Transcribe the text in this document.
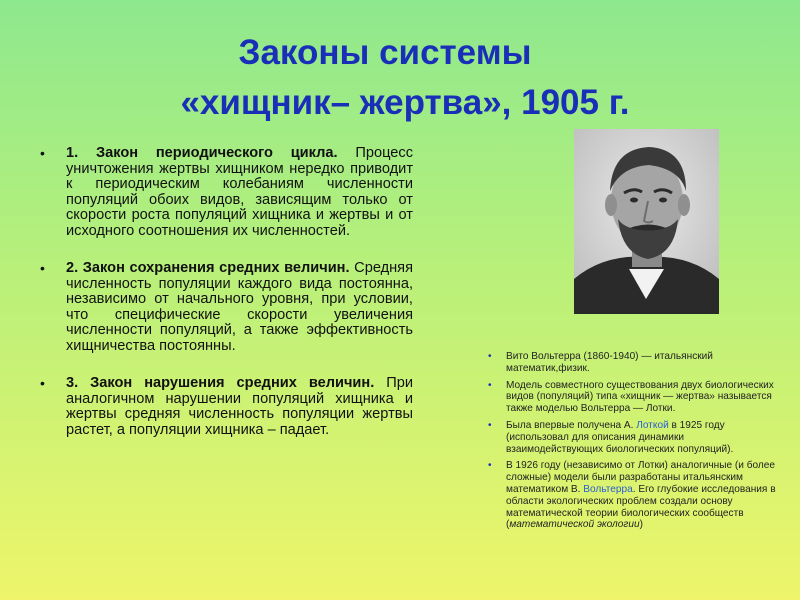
Законы системы
«хищник– жертва», 1905 г.
• 1. Закон периодического цикла. Процесс уничтожения жертвы хищником нередко приводит к периодическим колебаниям численности популяций обоих видов, зависящим только от скорости роста популяций хищника и жертвы и от исходного соотношения их численностей.
• 2. Закон сохранения средних величин. Средняя численность популяции каждого вида постоянна, независимо от начального уровня, при условии, что специфические скорости увеличения численности популяций, а также эффективность хищничества постоянны.
• 3. Закон нарушения средних величин. При аналогичном нарушении популяций хищника и жертвы средняя численность популяции жертвы растет, а популяции хищника – падает.
• Вито Вольтерра (1860-1940) — итальянский математик,физик.
• Модель совместного существования двух биологических видов (популяций) типа «хищник — жертва» называется также моделью Вольтерра — Лотки.
• Была впервые получена А. Лоткой в 1925 году (использовал для описания динамики взаимодействующих биологических популяций).
• В 1926 году (независимо от Лотки) аналогичные (и более сложные) модели были разработаны итальянским математиком В. Вольтерра. Его глубокие исследования в области экологических проблем создали основу математической теории биологических сообществ (математической экологии)
